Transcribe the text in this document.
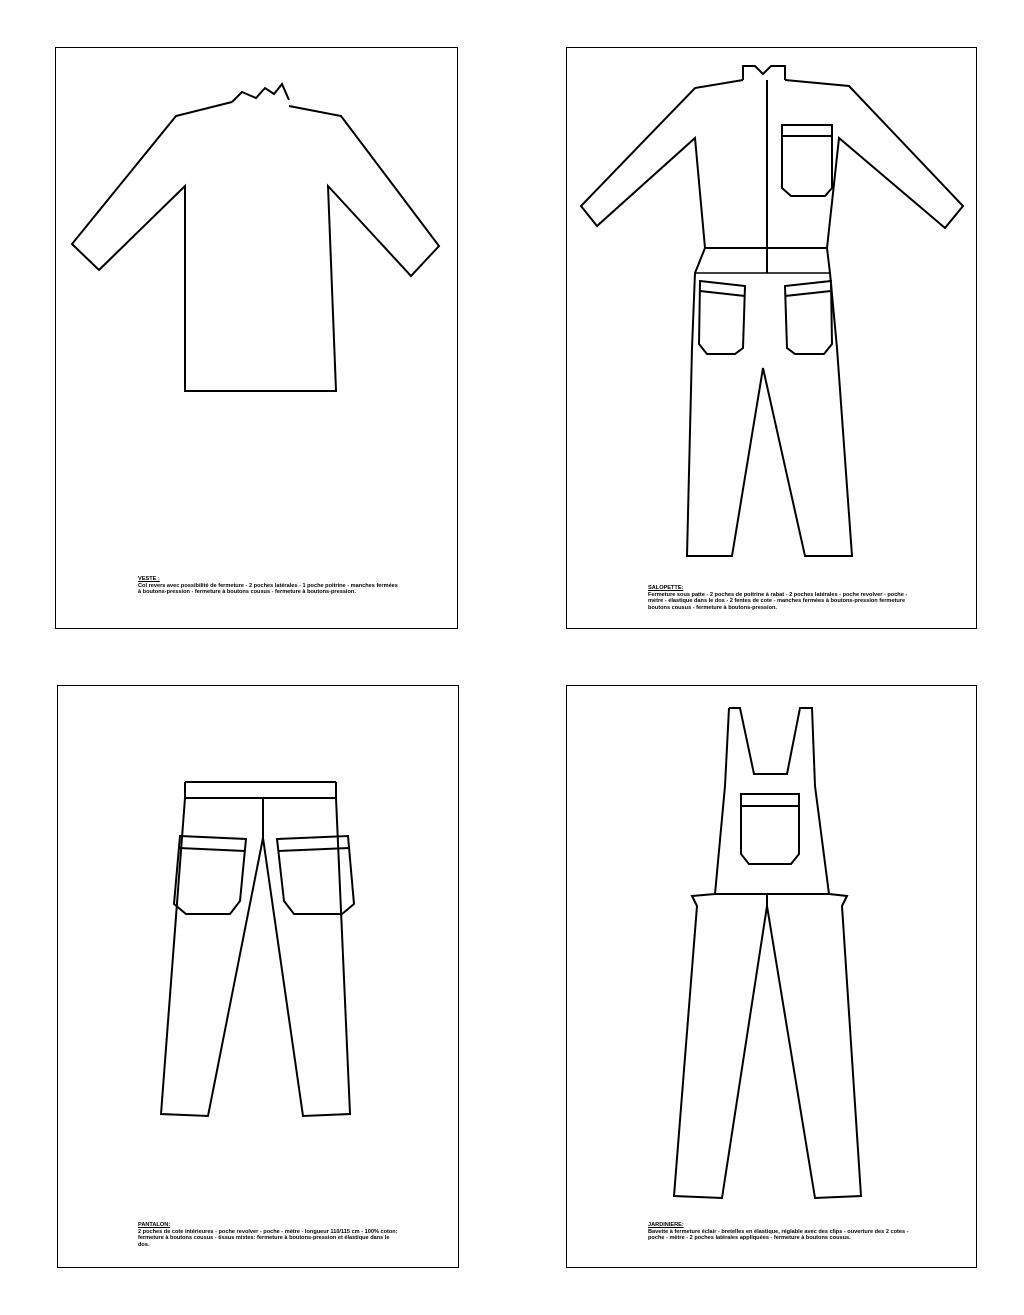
VESTE :
Col revers avec possibilité de fermeture - 2 poches latérales - 1 poche poitrine - manches fermées à boutons-pression - fermeture à boutons cousus - fermeture à boutons-pression.
SALOPETTE:
Fermeture sous patte - 2 poches de poitrine à rabat - 2 poches latérales - poche revolver - poche - mètre - élastique dans le dos - 2 fentes de cote - manches fermées à boutons-pression fermeture boutons cousus - fermeture à boutons-pression.
PANTALON:
2 poches de cote intérieures - poche revolver - poche - mètre - longueur 110/115 cm - 100% coton: fermeture à boutons cousus - tissus mixtes: fermeture à boutons-pression et élastique dans le dos.
JARDINIERE:
Bavette à fermeture éclair - bretelles en élastique, réglable avec des clips - ouverture des 2 cotes - poche - mètre - 2 poches latérales appliquées - fermeture à boutons cousus.
